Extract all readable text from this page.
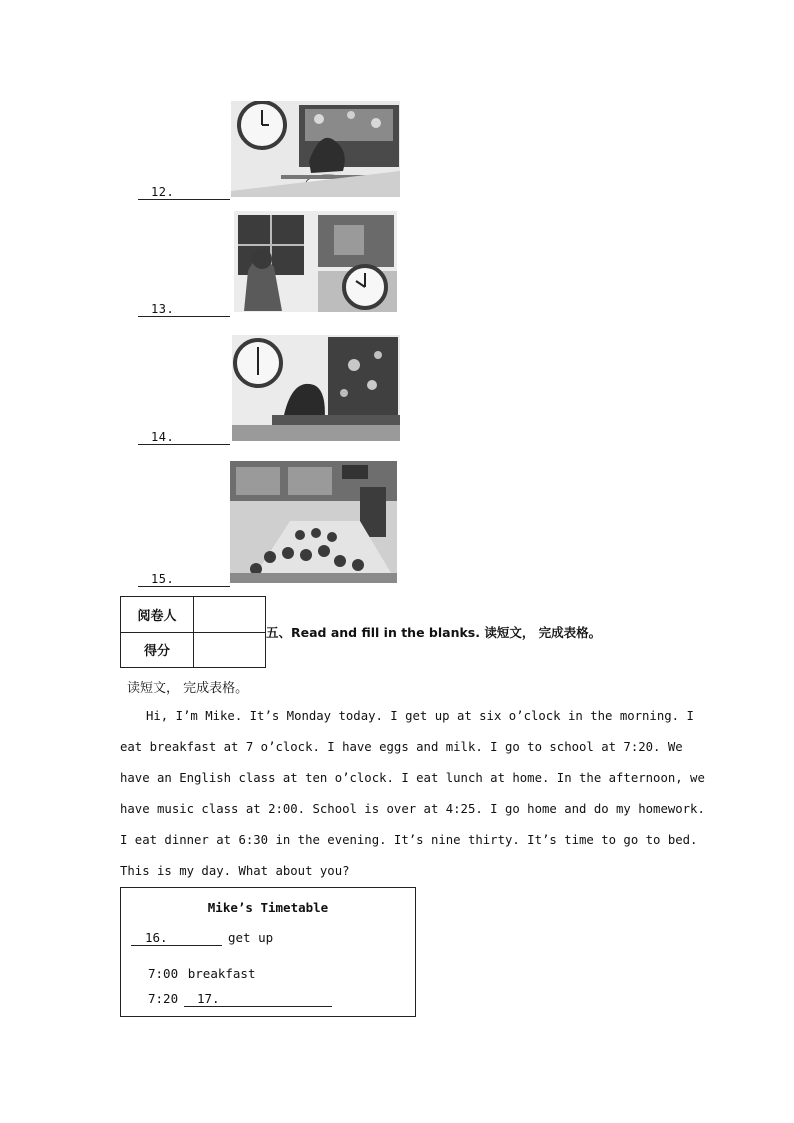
12.
13.
14.
15.
阅卷人	
得分	
五、Read and fill in the blanks. 读短文， 完成表格。
读短文， 完成表格。
Hi, I’m Mike. It’s Monday today. I get up at six o’clock in the morning. I
eat breakfast at 7 o’clock. I have eggs and milk. I go to school at 7:20. We
have an English class at ten o’clock. I eat lunch at home. In the afternoon, we
have music class at 2:00. School is over at 4:25. I go home and do my homework.
I eat dinner at 6:30 in the evening. It’s nine thirty. It’s time to go to bed.
This is my day. What about you?
Mike’s Timetable
16.	get up
7:00 breakfast
7:20 17.
